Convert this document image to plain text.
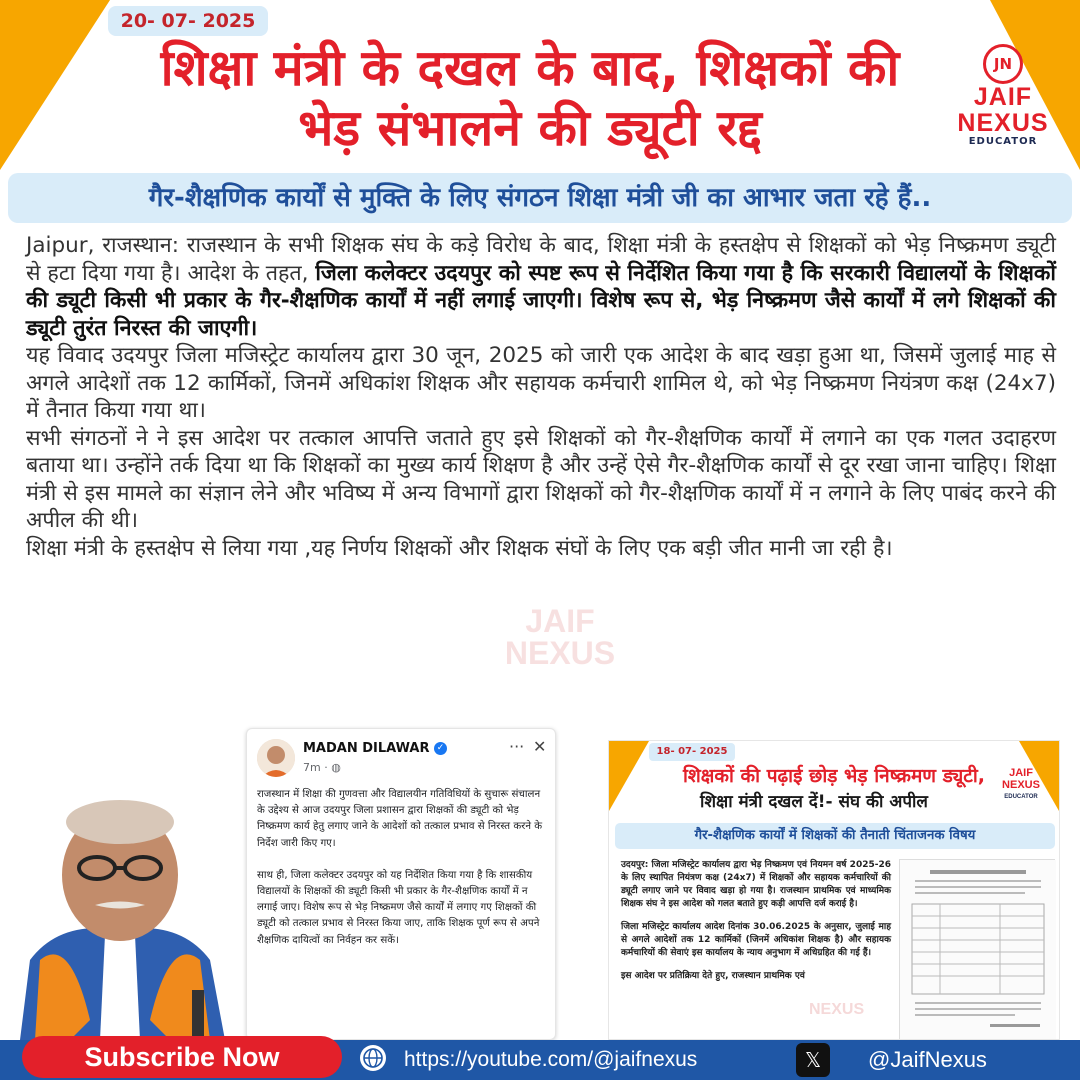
20- 07- 2025
शिक्षा मंत्री के दखल के बाद, शिक्षकों की
भेड़ संभालने की ड्यूटी रद्द
JN
JAIF
NEXUS
EDUCATOR
गैर-शैक्षणिक कार्यों से मुक्ति के लिए संगठन शिक्षा मंत्री जी का आभार जता रहे हैं..

Jaipur, राजस्थान: राजस्थान के सभी शिक्षक संघ के कड़े विरोध के बाद, शिक्षा मंत्री के हस्तक्षेप से शिक्षकों को भेड़ निष्क्रमण ड्यूटी से हटा दिया गया है। आदेश के तहत, जिला कलेक्टर उदयपुर को स्पष्ट रूप से निर्देशित किया गया है कि सरकारी विद्यालयों के शिक्षकों की ड्यूटी किसी भी प्रकार के गैर-शैक्षणिक कार्यों में नहीं लगाई जाएगी। विशेष रूप से, भेड़ निष्क्रमण जैसे कार्यों में लगे शिक्षकों की ड्यूटी तुरंत निरस्त की जाएगी।

यह विवाद उदयपुर जिला मजिस्ट्रेट कार्यालय द्वारा 30 जून, 2025 को जारी एक आदेश के बाद खड़ा हुआ था, जिसमें जुलाई माह से अगले आदेशों तक 12 कार्मिकों, जिनमें अधिकांश शिक्षक और सहायक कर्मचारी शामिल थे, को भेड़ निष्क्रमण नियंत्रण कक्ष (24x7) में तैनात किया गया था।

सभी संगठनों ने ने इस आदेश पर तत्काल आपत्ति जताते हुए इसे शिक्षकों को गैर-शैक्षणिक कार्यों में लगाने का एक गलत उदाहरण बताया था। उन्होंने तर्क दिया था कि शिक्षकों का मुख्य कार्य शिक्षण है और उन्हें ऐसे गैर-शैक्षणिक कार्यों से दूर रखा जाना चाहिए। शिक्षा मंत्री से इस मामले का संज्ञान लेने और भविष्य में अन्य विभागों द्वारा शिक्षकों को गैर-शैक्षणिक कार्यों में न लगाने के लिए पाबंद करने की अपील की थी।

शिक्षा मंत्री के हस्तक्षेप से लिया गया ,यह निर्णय शिक्षकों और शिक्षक संघों के लिए एक बड़ी जीत मानी जा रही है।

JAIF
NEXUS
MADAN DILAWAR ✓
7m · ◍
··· ✕

राजस्थान में शिक्षा की गुणवत्ता और विद्यालयीन गतिविधियों के सुचारू संचालन के उद्देश्य से आज उदयपुर जिला प्रशासन द्वारा शिक्षकों की ड्यूटी को भेड़ निष्क्रमण कार्य हेतु लगाए जाने के आदेशों को तत्काल प्रभाव से निरस्त करने के निर्देश जारी किए गए।

साथ ही, जिला कलेक्टर उदयपुर को यह निर्देशित किया गया है कि शासकीय विद्यालयों के शिक्षकों की ड्यूटी किसी भी प्रकार के गैर-शैक्षणिक कार्यों में न लगाई जाए। विशेष रूप से भेड़ निष्क्रमण जैसे कार्यों में लगाए गए शिक्षकों की ड्यूटी को तत्काल प्रभाव से निरस्त किया जाए, ताकि शिक्षक पूर्ण रूप से अपने शैक्षणिक दायित्वों का निर्वहन कर सकें।

18- 07- 2025
शिक्षकों की पढ़ाई छोड़ भेड़ निष्क्रमण ड्यूटी,
शिक्षा मंत्री दखल दें!- संघ की अपील
JAIF
NEXUS
EDUCATOR
गैर-शैक्षणिक कार्यों में शिक्षकों की तैनाती चिंताजनक विषय

उदयपुर: जिला मजिस्ट्रेट कार्यालय द्वारा भेड़ निष्क्रमण एवं नियमन वर्ष 2025-26 के लिए स्थापित नियंत्रण कक्ष (24x7) में शिक्षकों और सहायक कर्मचारियों की ड्यूटी लगाए जाने पर विवाद खड़ा हो गया है। राजस्थान प्राथमिक एवं माध्यमिक शिक्षक संघ ने इस आदेश को गलत बताते हुए कड़ी आपत्ति दर्ज कराई है।

जिला मजिस्ट्रेट कार्यालय आदेश दिनांक 30.06.2025 के अनुसार, जुलाई माह से अगले आदेशों तक 12 कार्मिकों (जिनमें अधिकांश शिक्षक है) और सहायक कर्मचारियों की सेवाएं इस कार्यालय के न्याय अनुभाग में अधिग्रहित की गई हैं।

इस आदेश पर प्रतिक्रिया देते हुए, राजस्थान प्राथमिक एवं

NEXUS
Subscribe Now	https://youtube.com/@jaifnexus	𝕏	@JaifNexus
